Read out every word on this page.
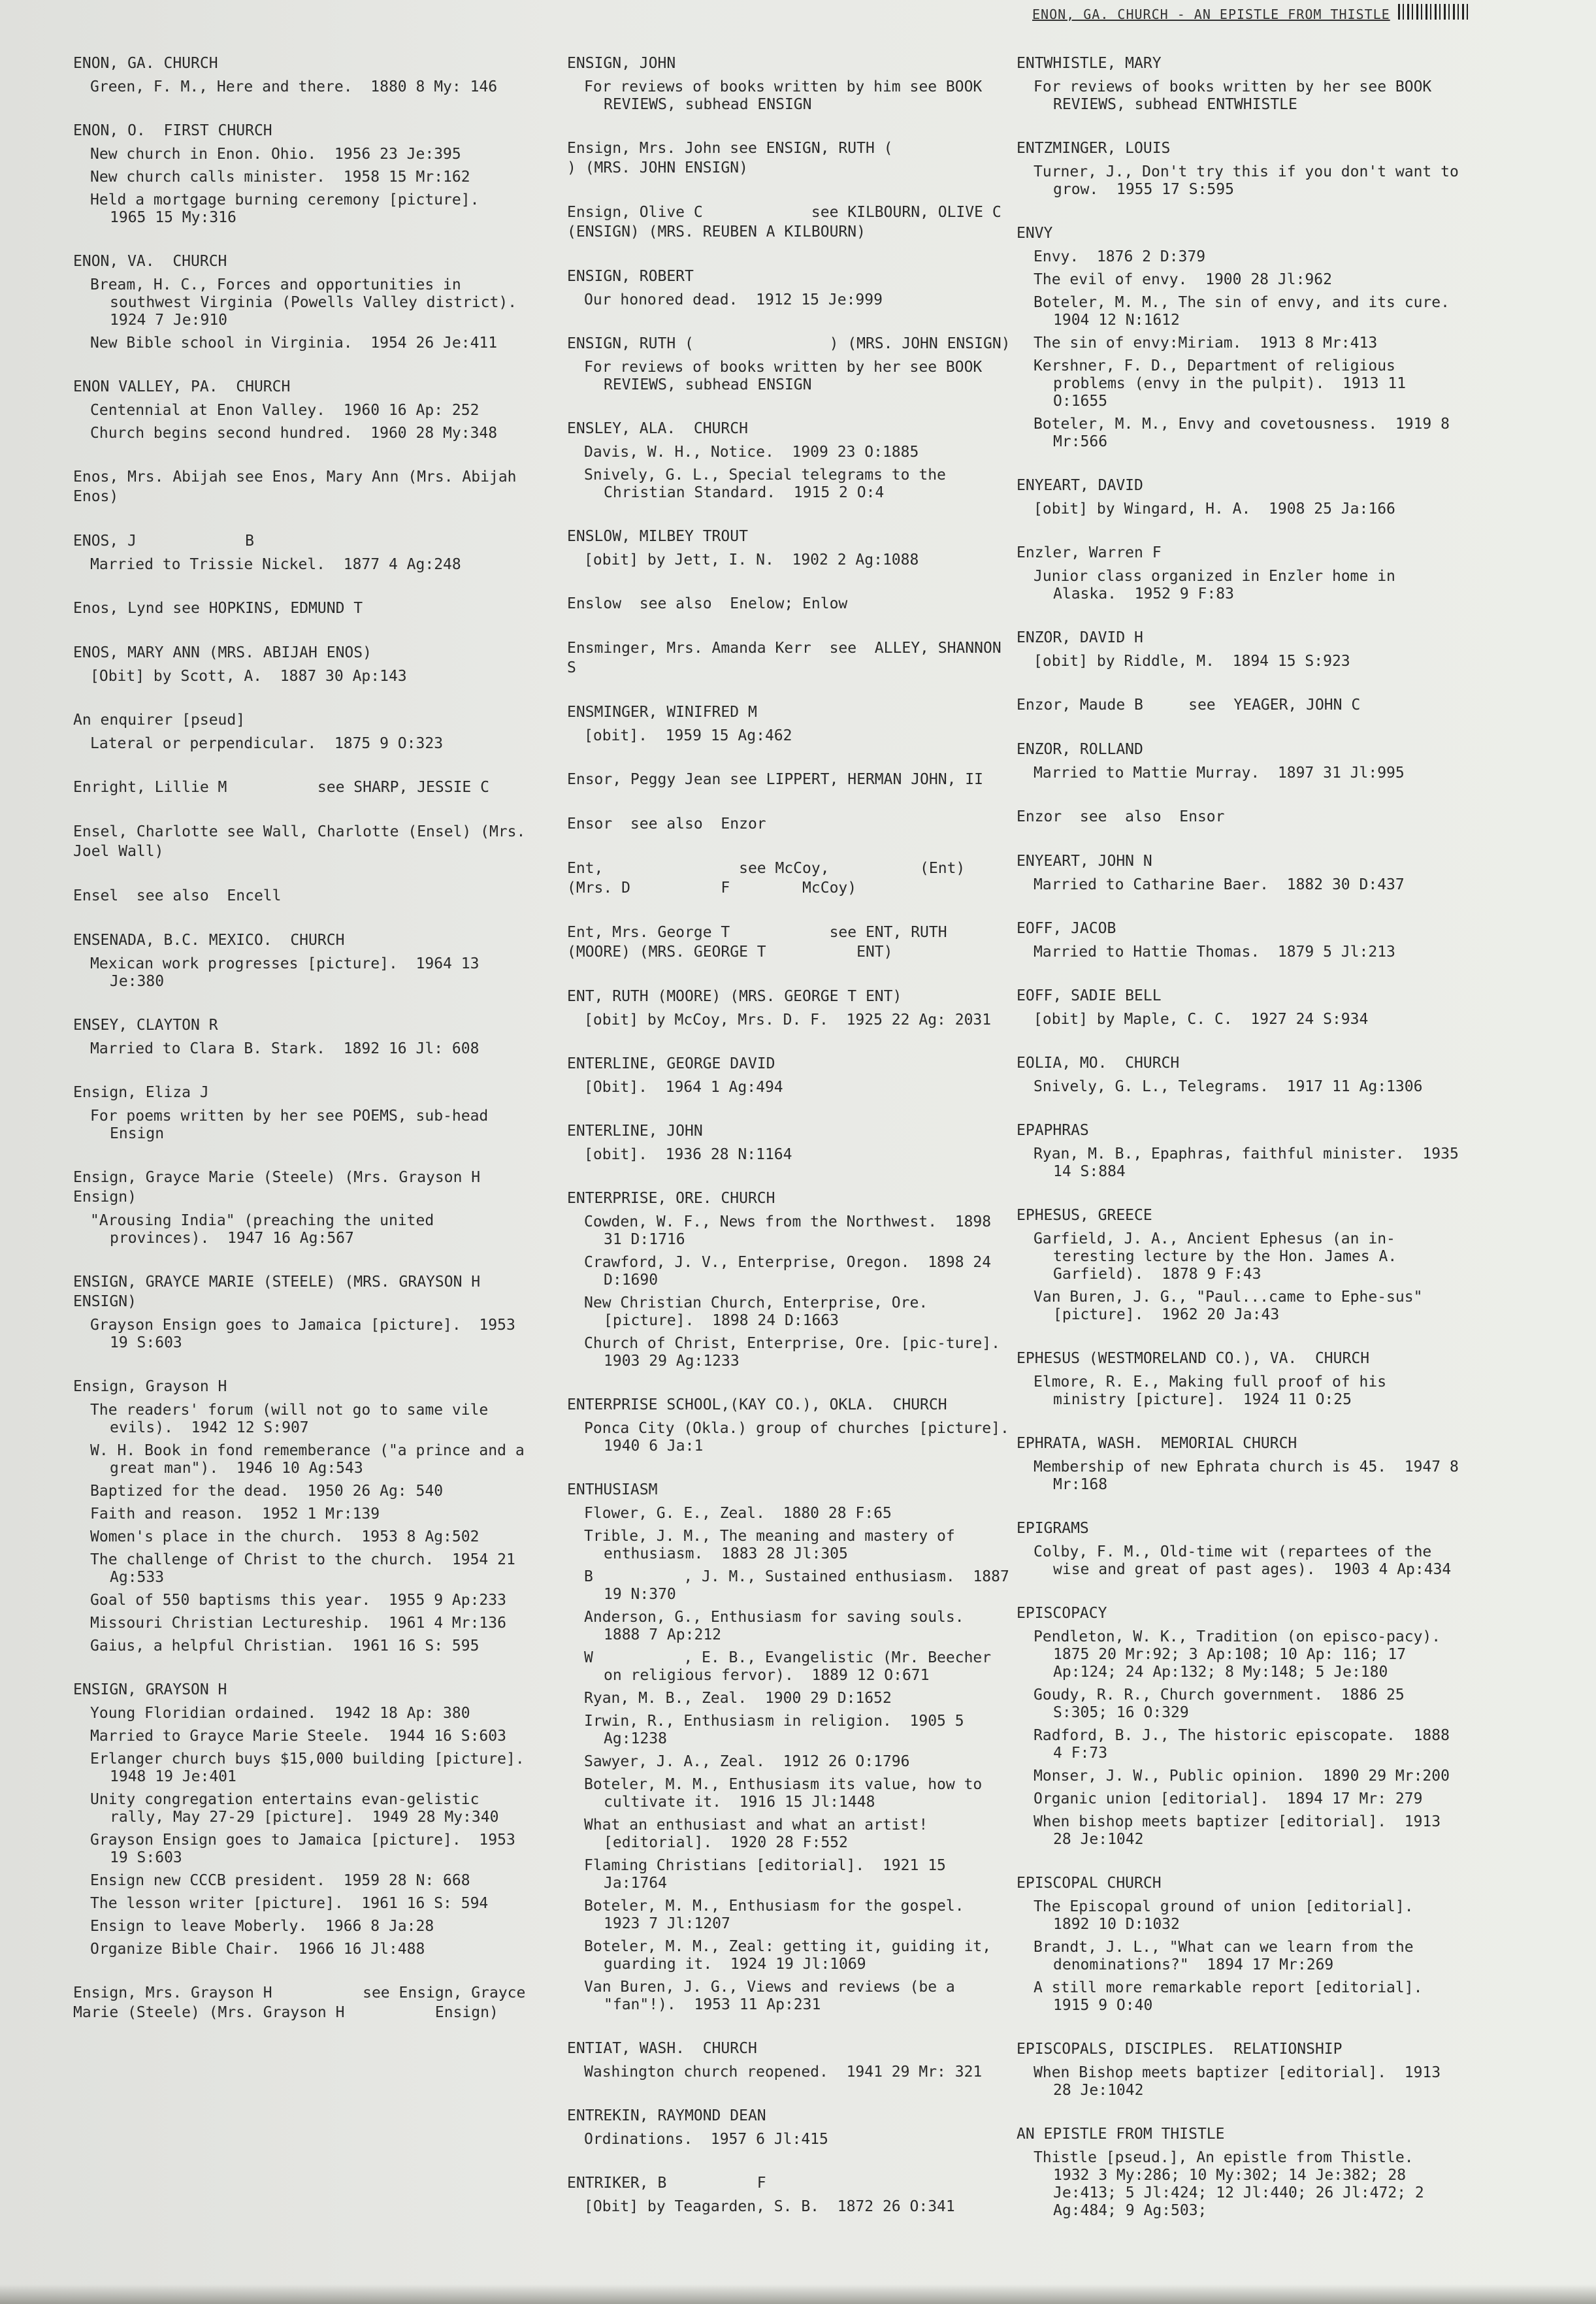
ENON, GA. CHURCH - AN EPISTLE FROM THISTLE
ENON, GA. CHURCH
Green, F. M., Here and there.  1880 8 My: 146
ENON, O.  FIRST CHURCH
New church in Enon. Ohio.  1956 23 Je:395
New church calls minister.  1958 15 Mr:162
Held a mortgage burning ceremony [picture].  1965 15 My:316
ENON, VA.  CHURCH
Bream, H. C., Forces and opportunities in southwest Virginia (Powells Valley district).  1924 7 Je:910
New Bible school in Virginia.  1954 26 Je:411
ENON VALLEY, PA.  CHURCH
Centennial at Enon Valley.  1960 16 Ap: 252
Church begins second hundred.  1960 28 My:348
Enos, Mrs. Abijah see Enos, Mary Ann (Mrs. Abijah Enos)
ENOS, J            B
Married to Trissie Nickel.  1877 4 Ag:248
Enos, Lynd see HOPKINS, EDMUND T
ENOS, MARY ANN (MRS. ABIJAH ENOS)
[Obit] by Scott, A.  1887 30 Ap:143
An enquirer [pseud]
Lateral or perpendicular.  1875 9 O:323
Enright, Lillie M          see SHARP, JESSIE C
Ensel, Charlotte see Wall, Charlotte (Ensel) (Mrs. Joel Wall)
Ensel  see also  Encell
ENSENADA, B.C. MEXICO.  CHURCH
Mexican work progresses [picture].  1964 13 Je:380
ENSEY, CLAYTON R
Married to Clara B. Stark.  1892 16 Jl: 608
Ensign, Eliza J
For poems written by her see POEMS, sub-head Ensign
Ensign, Grayce Marie (Steele) (Mrs. Grayson H          Ensign)
"Arousing India" (preaching the united provinces).  1947 16 Ag:567
ENSIGN, GRAYCE MARIE (STEELE) (MRS. GRAYSON H          ENSIGN)
Grayson Ensign goes to Jamaica [picture].  1953 19 S:603
Ensign, Grayson H
The readers' forum (will not go to same vile evils).  1942 12 S:907
W. H. Book in fond rememberance ("a prince and a great man").  1946 10 Ag:543
Baptized for the dead.  1950 26 Ag: 540
Faith and reason.  1952 1 Mr:139
Women's place in the church.  1953 8 Ag:502
The challenge of Christ to the church.  1954 21 Ag:533
Goal of 550 baptisms this year.  1955 9 Ap:233
Missouri Christian Lectureship.  1961 4 Mr:136
Gaius, a helpful Christian.  1961 16 S: 595
ENSIGN, GRAYSON H
Young Floridian ordained.  1942 18 Ap: 380
Married to Grayce Marie Steele.  1944 16 S:603
Erlanger church buys $15,000 building [picture].  1948 19 Je:401
Unity congregation entertains evan-gelistic rally, May 27-29 [picture].  1949 28 My:340
Grayson Ensign goes to Jamaica [picture].  1953 19 S:603
Ensign new CCCB president.  1959 28 N: 668
The lesson writer [picture].  1961 16 S: 594
Ensign to leave Moberly.  1966 8 Ja:28
Organize Bible Chair.  1966 16 Jl:488
Ensign, Mrs. Grayson H          see Ensign, Grayce Marie (Steele) (Mrs. Grayson H          Ensign)
ENSIGN, JOHN
For reviews of books written by him see BOOK REVIEWS, subhead ENSIGN
Ensign, Mrs. John see ENSIGN, RUTH (                ) (MRS. JOHN ENSIGN)
Ensign, Olive C            see KILBOURN, OLIVE C          (ENSIGN) (MRS. REUBEN A KILBOURN)
ENSIGN, ROBERT
Our honored dead.  1912 15 Je:999
ENSIGN, RUTH (               ) (MRS. JOHN ENSIGN)
For reviews of books written by her see BOOK REVIEWS, subhead ENSIGN
ENSLEY, ALA.  CHURCH
Davis, W. H., Notice.  1909 23 O:1885
Snively, G. L., Special telegrams to the Christian Standard.  1915 2 O:4
ENSLOW, MILBEY TROUT
[obit] by Jett, I. N.  1902 2 Ag:1088
Enslow  see also  Enelow; Enlow
Ensminger, Mrs. Amanda Kerr  see  ALLEY, SHANNON S
ENSMINGER, WINIFRED M
[obit].  1959 15 Ag:462
Ensor, Peggy Jean see LIPPERT, HERMAN JOHN, II
Ensor  see also  Enzor
Ent,               see McCoy,          (Ent) (Mrs. D          F        McCoy)
Ent, Mrs. George T           see ENT, RUTH (MOORE) (MRS. GEORGE T          ENT)
ENT, RUTH (MOORE) (MRS. GEORGE T ENT)
[obit] by McCoy, Mrs. D. F.  1925 22 Ag: 2031
ENTERLINE, GEORGE DAVID
[Obit].  1964 1 Ag:494
ENTERLINE, JOHN
[obit].  1936 28 N:1164
ENTERPRISE, ORE. CHURCH
Cowden, W. F., News from the Northwest.  1898 31 D:1716
Crawford, J. V., Enterprise, Oregon.  1898 24 D:1690
New Christian Church, Enterprise, Ore. [picture].  1898 24 D:1663
Church of Christ, Enterprise, Ore. [pic-ture].  1903 29 Ag:1233
ENTERPRISE SCHOOL,(KAY CO.), OKLA.  CHURCH
Ponca City (Okla.) group of churches [picture].  1940 6 Ja:1
ENTHUSIASM
Flower, G. E., Zeal.  1880 28 F:65
Trible, J. M., The meaning and mastery of enthusiasm.  1883 28 Jl:305
B          , J. M., Sustained enthusiasm.  1887 19 N:370
Anderson, G., Enthusiasm for saving souls.  1888 7 Ap:212
W          , E. B., Evangelistic (Mr. Beecher on religious fervor).  1889 12 O:671
Ryan, M. B., Zeal.  1900 29 D:1652
Irwin, R., Enthusiasm in religion.  1905 5 Ag:1238
Sawyer, J. A., Zeal.  1912 26 O:1796
Boteler, M. M., Enthusiasm its value, how to cultivate it.  1916 15 Jl:1448
What an enthusiast and what an artist! [editorial].  1920 28 F:552
Flaming Christians [editorial].  1921 15 Ja:1764
Boteler, M. M., Enthusiasm for the gospel.  1923 7 Jl:1207
Boteler, M. M., Zeal: getting it, guiding it, guarding it.  1924 19 Jl:1069
Van Buren, J. G., Views and reviews (be a "fan"!).  1953 11 Ap:231
ENTIAT, WASH.  CHURCH
Washington church reopened.  1941 29 Mr: 321
ENTREKIN, RAYMOND DEAN
Ordinations.  1957 6 Jl:415
ENTRIKER, B          F
[Obit] by Teagarden, S. B.  1872 26 O:341
ENTWHISTLE, MARY
For reviews of books written by her see BOOK REVIEWS, subhead ENTWHISTLE
ENTZMINGER, LOUIS
Turner, J., Don't try this if you don't want to grow.  1955 17 S:595
ENVY
Envy.  1876 2 D:379
The evil of envy.  1900 28 Jl:962
Boteler, M. M., The sin of envy, and its cure.  1904 12 N:1612
The sin of envy:Miriam.  1913 8 Mr:413
Kershner, F. D., Department of religious problems (envy in the pulpit).  1913 11 O:1655
Boteler, M. M., Envy and covetousness.  1919 8 Mr:566
ENYEART, DAVID
[obit] by Wingard, H. A.  1908 25 Ja:166
Enzler, Warren F
Junior class organized in Enzler home in Alaska.  1952 9 F:83
ENZOR, DAVID H
[obit] by Riddle, M.  1894 15 S:923
Enzor, Maude B     see  YEAGER, JOHN C
ENZOR, ROLLAND
Married to Mattie Murray.  1897 31 Jl:995
Enzor  see  also  Ensor
ENYEART, JOHN N
Married to Catharine Baer.  1882 30 D:437
EOFF, JACOB
Married to Hattie Thomas.  1879 5 Jl:213
EOFF, SADIE BELL
[obit] by Maple, C. C.  1927 24 S:934
EOLIA, MO.  CHURCH
Snively, G. L., Telegrams.  1917 11 Ag:1306
EPAPHRAS
Ryan, M. B., Epaphras, faithful minister.  1935 14 S:884
EPHESUS, GREECE
Garfield, J. A., Ancient Ephesus (an in-teresting lecture by the Hon. James A. Garfield).  1878 9 F:43
Van Buren, J. G., "Paul...came to Ephe-sus" [picture].  1962 20 Ja:43
EPHESUS (WESTMORELAND CO.), VA.  CHURCH
Elmore, R. E., Making full proof of his ministry [picture].  1924 11 O:25
EPHRATA, WASH.  MEMORIAL CHURCH
Membership of new Ephrata church is 45.  1947 8 Mr:168
EPIGRAMS
Colby, F. M., Old-time wit (repartees of the wise and great of past ages).  1903 4 Ap:434
EPISCOPACY
Pendleton, W. K., Tradition (on episco-pacy).  1875 20 Mr:92; 3 Ap:108; 10 Ap: 116; 17 Ap:124; 24 Ap:132; 8 My:148; 5 Je:180
Goudy, R. R., Church government.  1886 25 S:305; 16 O:329
Radford, B. J., The historic episcopate.  1888 4 F:73
Monser, J. W., Public opinion.  1890 29 Mr:200
Organic union [editorial].  1894 17 Mr: 279
When bishop meets baptizer [editorial].  1913 28 Je:1042
EPISCOPAL CHURCH
The Episcopal ground of union [editorial].  1892 10 D:1032
Brandt, J. L., "What can we learn from the denominations?"  1894 17 Mr:269
A still more remarkable report [editorial].  1915 9 O:40
EPISCOPALS, DISCIPLES.  RELATIONSHIP
When Bishop meets baptizer [editorial].  1913 28 Je:1042
AN EPISTLE FROM THISTLE
Thistle [pseud.], An epistle from Thistle.  1932 3 My:286; 10 My:302; 14 Je:382; 28 Je:413; 5 Jl:424; 12 Jl:440; 26 Jl:472; 2 Ag:484; 9 Ag:503;
